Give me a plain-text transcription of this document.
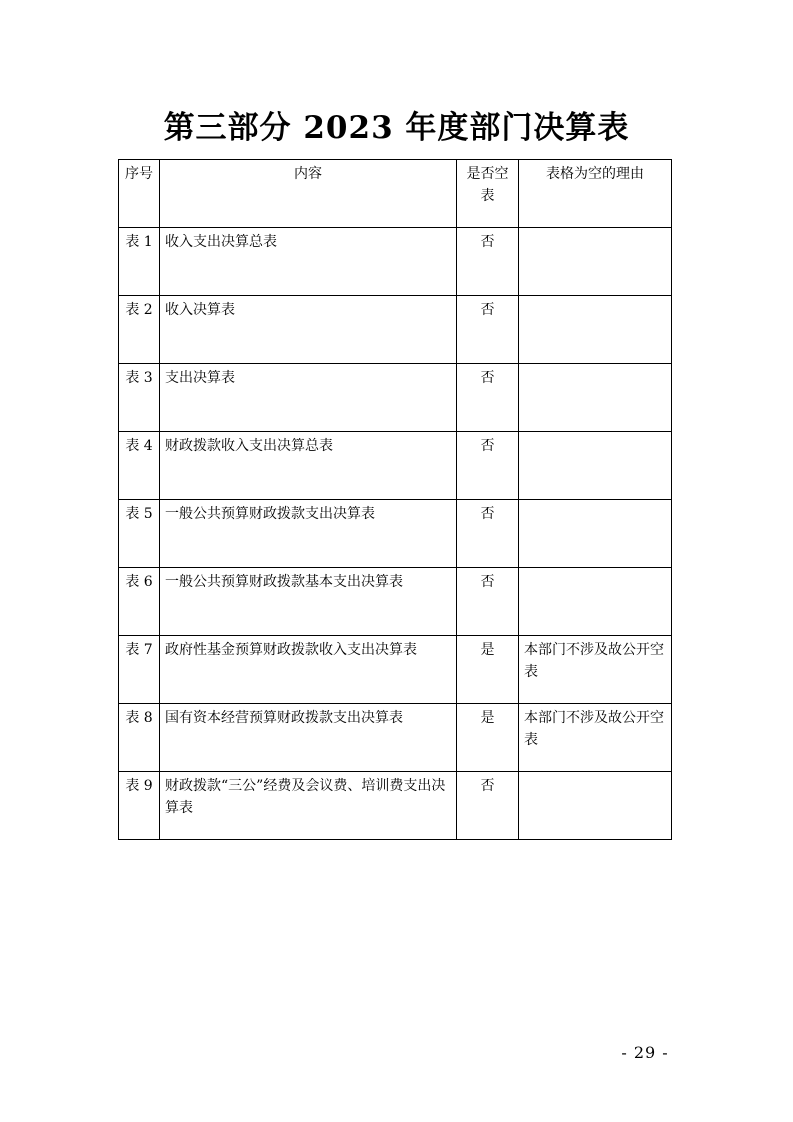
第三部分 2023 年度部门决算表
序号	内容	是否空表	表格为空的理由
表 1	收入支出决算总表	否	
表 2	收入决算表	否	
表 3	支出决算表	否	
表 4	财政拨款收入支出决算总表	否	
表 5	一般公共预算财政拨款支出决算表	否	
表 6	一般公共预算财政拨款基本支出决算表	否	
表 7	政府性基金预算财政拨款收入支出决算表	是	本部门不涉及故公开空表
表 8	国有资本经营预算财政拨款支出决算表	是	本部门不涉及故公开空表
表 9	财政拨款“三公”经费及会议费、培训费支出决算表	否	
- 29 -
